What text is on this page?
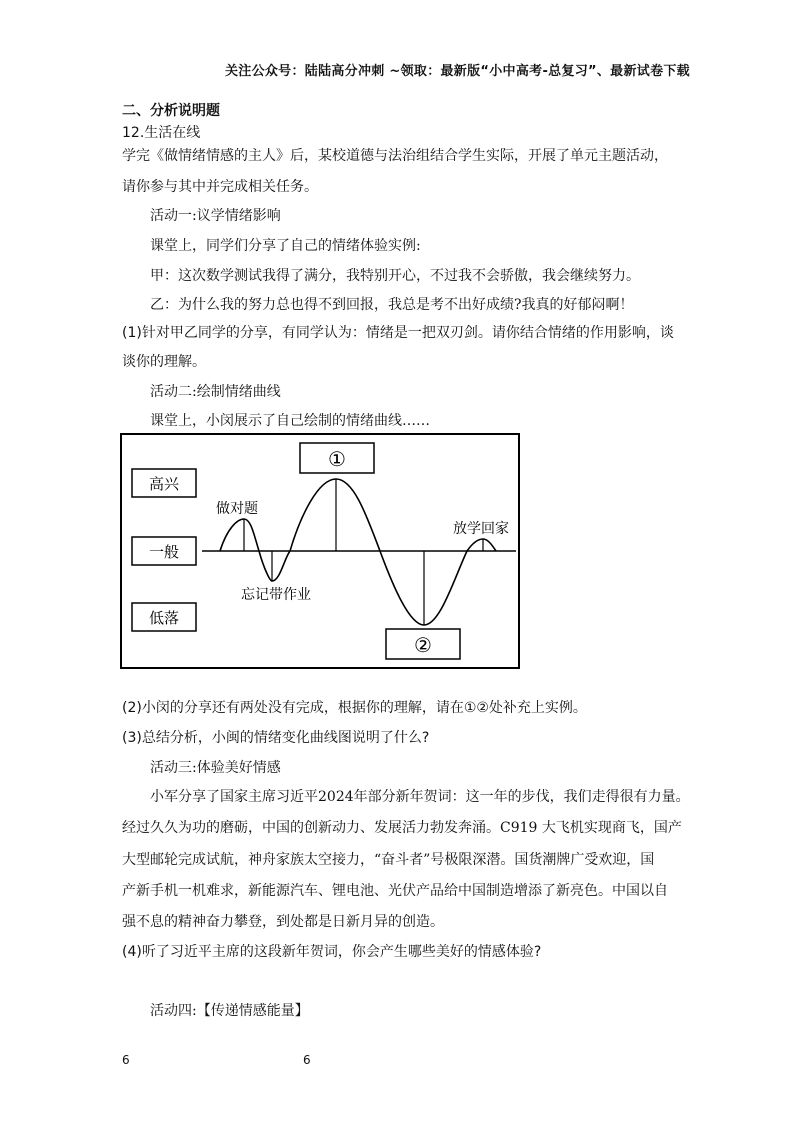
关注公众号：陆陆高分冲刺 ~领取：最新版“小中高考-总复习”、最新试卷下载
二、分析说明题
12.生活在线
学完《做情绪情感的主人》后，某校道德与法治组结合学生实际，开展了单元主题活动，
请你参与其中并完成相关任务。
活动一:议学情绪影响
课堂上，同学们分享了自己的情绪体验实例:
甲：这次数学测试我得了满分，我特别开心，不过我不会骄傲，我会继续努力。
乙：为什么我的努力总也得不到回报，我总是考不出好成绩?我真的好郁闷啊！
(1)针对甲乙同学的分享，有同学认为：情绪是一把双刃剑。请你结合情绪的作用影响，谈
谈你的理解。
活动二:绘制情绪曲线
课堂上，小闵展示了自己绘制的情绪曲线……
高兴
一般
低落
做对题
忘记带作业
放学回家
①
②
(2)小闵的分享还有两处没有完成，根据你的理解，请在①②处补充上实例。
(3)总结分析，小闽的情绪变化曲线图说明了什么?
活动三:体验美好情感
小军分享了国家主席习近平2024年部分新年贺词：这一年的步伐，我们走得很有力量。
经过久久为功的磨砺，中国的创新动力、发展活力勃发奔涌。C919 大飞机实现商飞，国产
大型邮轮完成试航，神舟家族太空接力，“奋斗者”号极限深潜。国货潮牌广受欢迎，国
产新手机一机难求，新能源汽车、锂电池、光伏产品给中国制造增添了新亮色。中国以自
强不息的精神奋力攀登，到处都是日新月异的创造。
(4)听了习近平主席的这段新年贺词，你会产生哪些美好的情感体验?
活动四:【传递情感能量】
6	6
